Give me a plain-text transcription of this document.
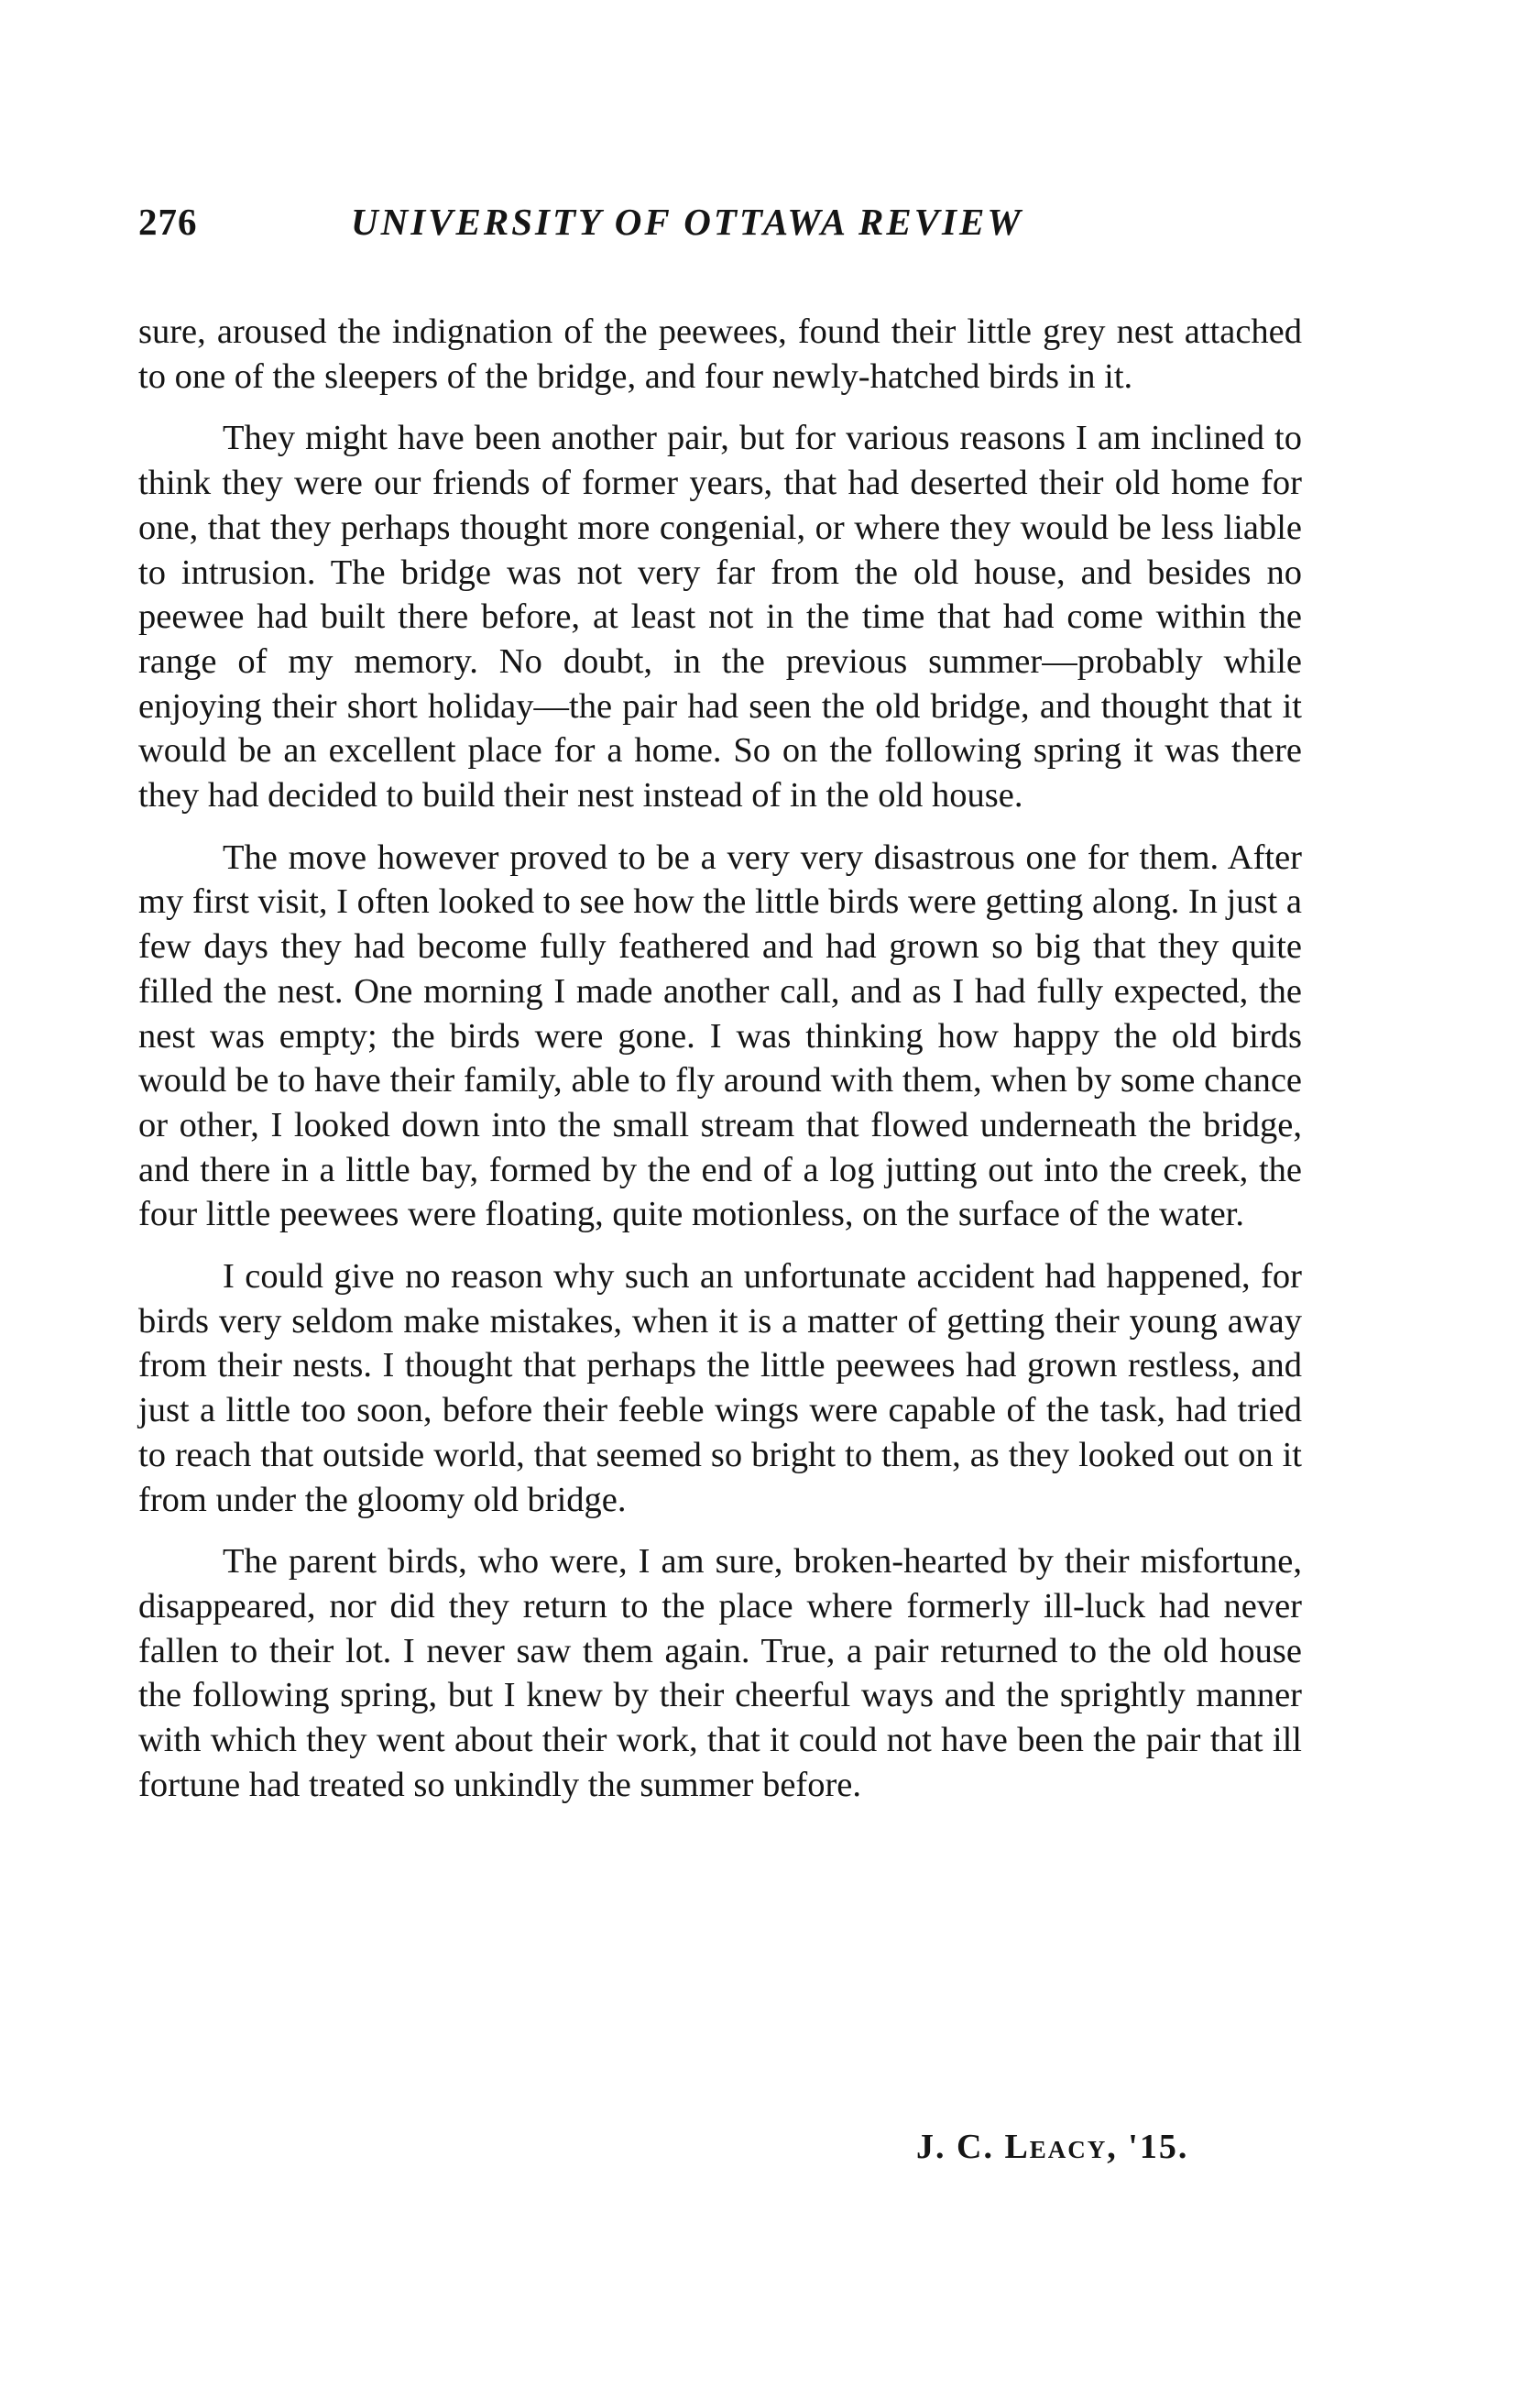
276	UNIVERSITY OF OTTAWA REVIEW

sure, aroused the indignation of the peewees, found their little grey nest attached to one of the sleepers of the bridge, and four newly-hatched birds in it.

They might have been another pair, but for various reasons I am inclined to think they were our friends of former years, that had deserted their old home for one, that they perhaps thought more congenial, or where they would be less liable to intrusion. The bridge was not very far from the old house, and besides no peewee had built there before, at least not in the time that had come within the range of my memory. No doubt, in the previous summer—probably while enjoying their short holiday—the pair had seen the old bridge, and thought that it would be an excellent place for a home. So on the following spring it was there they had decided to build their nest instead of in the old house.

The move however proved to be a very very disastrous one for them. After my first visit, I often looked to see how the little birds were getting along. In just a few days they had become fully feathered and had grown so big that they quite filled the nest. One morning I made another call, and as I had fully expected, the nest was empty; the birds were gone. I was thinking how happy the old birds would be to have their family, able to fly around with them, when by some chance or other, I looked down into the small stream that flowed underneath the bridge, and there in a little bay, formed by the end of a log jutting out into the creek, the four little peewees were floating, quite motionless, on the surface of the water.

I could give no reason why such an unfortunate accident had happened, for birds very seldom make mistakes, when it is a matter of getting their young away from their nests. I thought that perhaps the little peewees had grown restless, and just a little too soon, before their feeble wings were capable of the task, had tried to reach that outside world, that seemed so bright to them, as they looked out on it from under the gloomy old bridge.

The parent birds, who were, I am sure, broken-hearted by their misfortune, disappeared, nor did they return to the place where formerly ill-luck had never fallen to their lot. I never saw them again. True, a pair returned to the old house the following spring, but I knew by their cheerful ways and the sprightly manner with which they went about their work, that it could not have been the pair that ill fortune had treated so unkindly the summer before.

J. C. Leacy, '15.
